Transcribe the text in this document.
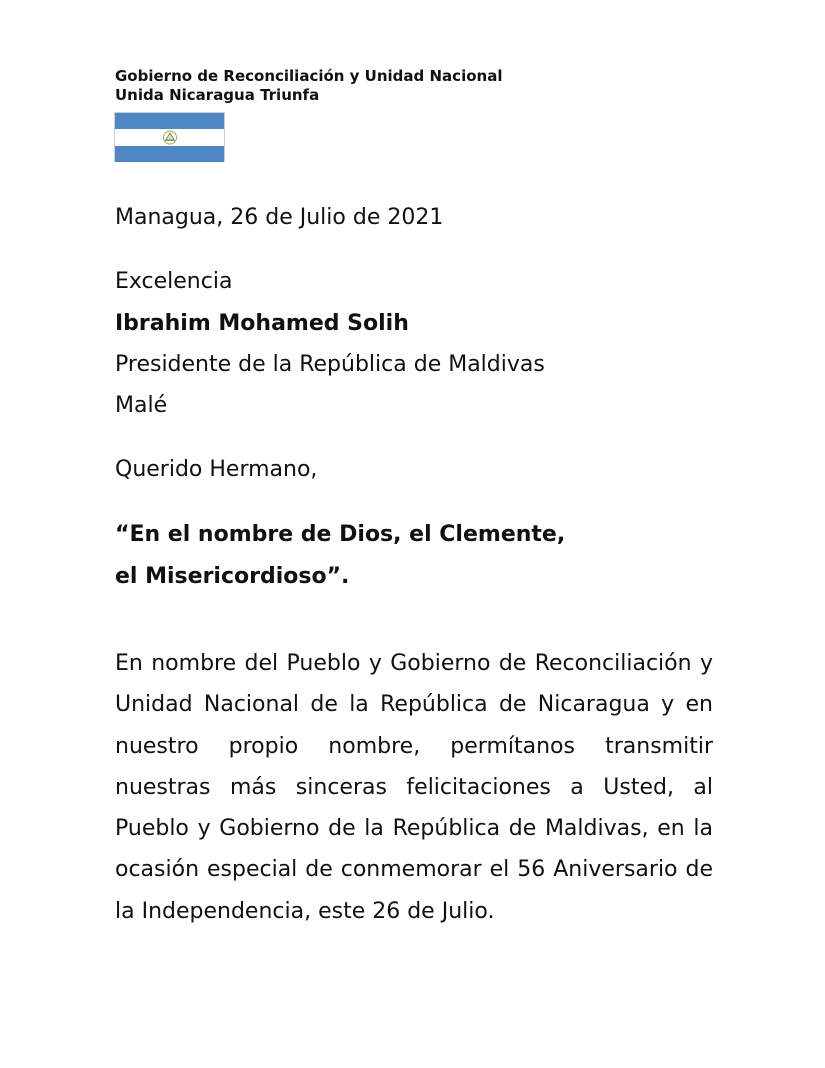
Gobierno de Reconciliación y Unidad Nacional
Unida Nicaragua Triunfa
Managua, 26 de Julio de 2021
Excelencia
Ibrahim Mohamed Solih
Presidente de la República de Maldivas
Malé
Querido Hermano,
“En el nombre de Dios, el Clemente,
el Misericordioso”.
En nombre del Pueblo y Gobierno de Reconciliación y Unidad Nacional de la República de Nicaragua y en nuestro propio nombre, permítanos transmitir nuestras más sinceras felicitaciones a Usted, al Pueblo y Gobierno de la República de Maldivas, en la ocasión especial de conmemorar el 56 Aniversario de la Independencia, este 26 de Julio.
